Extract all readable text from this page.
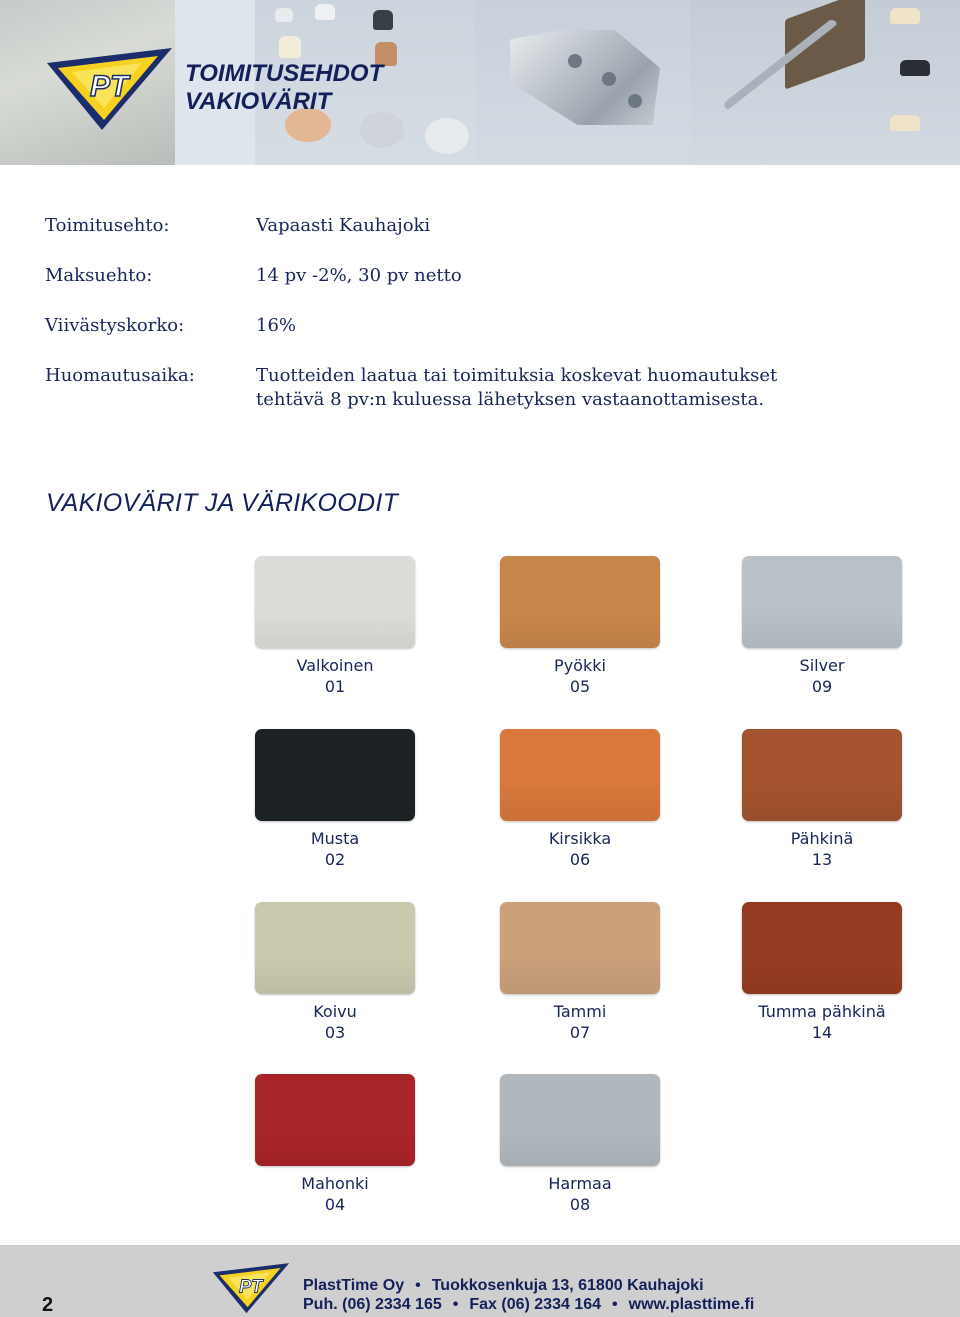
PT TOIMITUSEHDOT
VAKIOVÄRIT
Toimitusehto:	Vapaasti Kauhajoki
Maksuehto:	14 pv -2%, 30 pv netto
Viivästyskorko:	16%
Huomautusaika:	Tuotteiden laatua tai toimituksia koskevat huomautukset
tehtävä 8 pv:n kuluessa lähetyksen vastaanottamisesta.
VAKIOVÄRIT JA VÄRIKOODIT
Valkoinen
01
Pyökki
05
Silver
09
Musta
02
Kirsikka
06
Pähkinä
13
Koivu
03
Tammi
07
Tumma pähkinä
14
Mahonki
04
Harmaa
08
2
PT	PlastTime Oy • Tuokkosenkuja 13, 61800 Kauhajoki
Puh. (06) 2334 165 • Fax (06) 2334 164 • www.plasttime.fi
